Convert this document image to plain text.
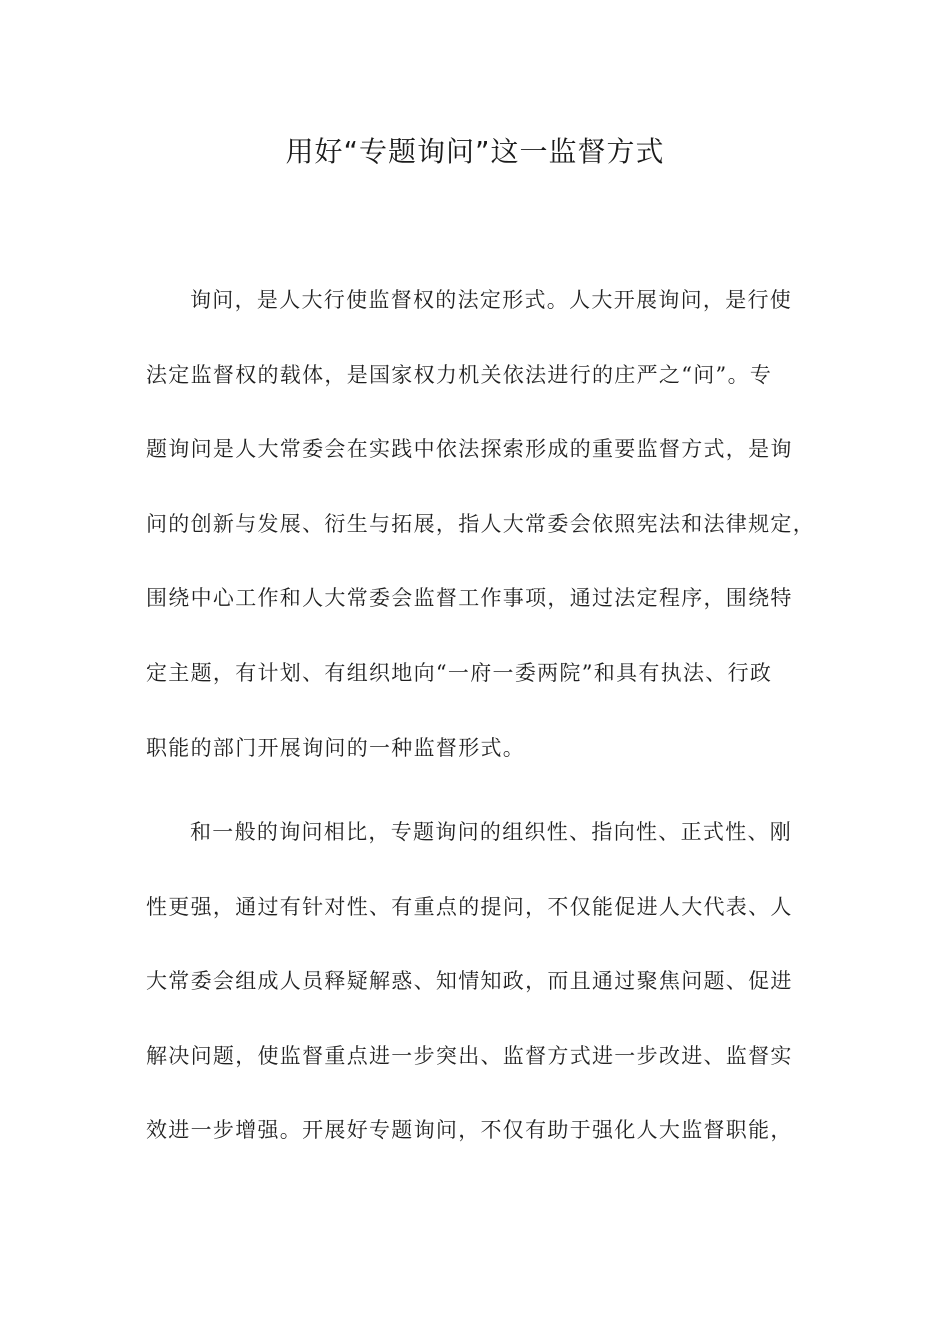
用好“专题询问”这一监督方式
询问，是人大行使监督权的法定形式。人大开展询问，是行使
法定监督权的载体，是国家权力机关依法进行的庄严之“问”。专
题询问是人大常委会在实践中依法探索形成的重要监督方式，是询
问的创新与发展、衍生与拓展，指人大常委会依照宪法和法律规定，
围绕中心工作和人大常委会监督工作事项，通过法定程序，围绕特
定主题，有计划、有组织地向“一府一委两院”和具有执法、行政
职能的部门开展询问的一种监督形式。
和一般的询问相比，专题询问的组织性、指向性、正式性、刚
性更强，通过有针对性、有重点的提问，不仅能促进人大代表、人
大常委会组成人员释疑解惑、知情知政，而且通过聚焦问题、促进
解决问题，使监督重点进一步突出、监督方式进一步改进、监督实
效进一步增强。开展好专题询问，不仅有助于强化人大监督职能，
